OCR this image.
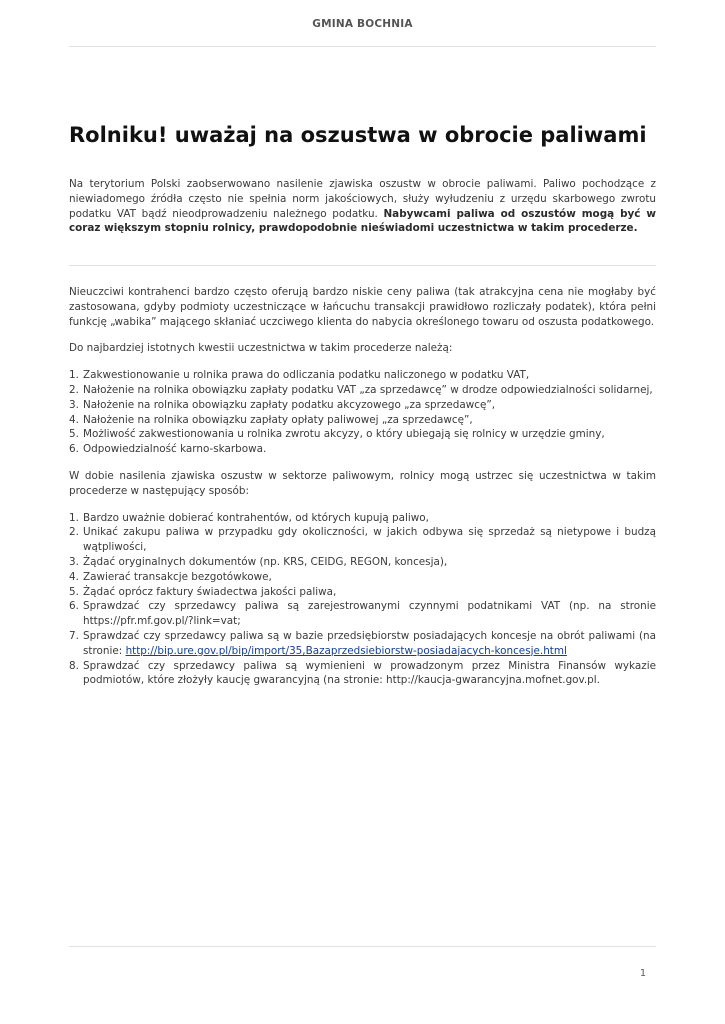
GMINA BOCHNIA
Rolniku! uważaj na oszustwa w obrocie paliwami

Na terytorium Polski zaobserwowano nasilenie zjawiska oszustw w obrocie paliwami. Paliwo pochodzące z niewiadomego źródła często nie spełnia norm jakościowych, służy wyłudzeniu z urzędu skarbowego zwrotu podatku VAT bądź nieodprowadzeniu należnego podatku. Nabywcami paliwa od oszustów mogą być w coraz większym stopniu rolnicy, prawdopodobnie nieświadomi uczestnictwa w takim procederze.

Nieuczciwi kontrahenci bardzo często oferują bardzo niskie ceny paliwa (tak atrakcyjna cena nie mogłaby być zastosowana, gdyby podmioty uczestniczące w łańcuchu transakcji prawidłowo rozliczały podatek), która pełni funkcję „wabika” mającego skłaniać uczciwego klienta do nabycia określonego towaru od oszusta podatkowego.

Do najbardziej istotnych kwestii uczestnictwa w takim procederze należą:

1. Zakwestionowanie u rolnika prawa do odliczania podatku naliczonego w podatku VAT,
2. Nałożenie na rolnika obowiązku zapłaty podatku VAT „za sprzedawcę” w drodze odpowiedzialności solidarnej,
3. Nałożenie na rolnika obowiązku zapłaty podatku akcyzowego „za sprzedawcę”,
4. Nałożenie na rolnika obowiązku zapłaty opłaty paliwowej „za sprzedawcę”,
5. Możliwość zakwestionowania u rolnika zwrotu akcyzy, o który ubiegają się rolnicy w urzędzie gminy,
6. Odpowiedzialność karno-skarbowa.

W dobie nasilenia zjawiska oszustw w sektorze paliwowym, rolnicy mogą ustrzec się uczestnictwa w takim procederze w następujący sposób:

1. Bardzo uważnie dobierać kontrahentów, od których kupują paliwo,
2. Unikać zakupu paliwa w przypadku gdy okoliczności, w jakich odbywa się sprzedaż są nietypowe i budzą wątpliwości,
3. Żądać oryginalnych dokumentów (np. KRS, CEIDG, REGON, koncesja),
4. Zawierać transakcje bezgotówkowe,
5. Żądać oprócz faktury świadectwa jakości paliwa,
6. Sprawdzać czy sprzedawcy paliwa są zarejestrowanymi czynnymi podatnikami VAT (np. na stronie https://pfr.mf.gov.pl/?link=vat;
7. Sprawdzać czy sprzedawcy paliwa są w bazie przedsiębiorstw posiadających koncesje na obrót paliwami (na stronie: http://bip.ure.gov.pl/bip/import/35,Bazaprzedsiebiorstw-posiadajacych-koncesje.html
8. Sprawdzać czy sprzedawcy paliwa są wymienieni w prowadzonym przez Ministra Finansów wykazie podmiotów, które złożyły kaucję gwarancyjną (na stronie: http://kaucja-gwarancyjna.mofnet.gov.pl.
1
